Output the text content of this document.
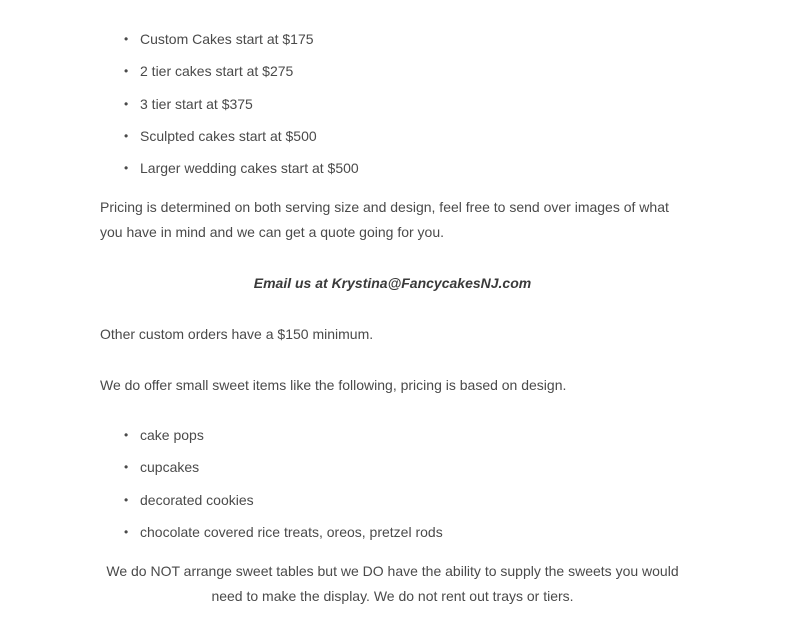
• Custom Cakes start at $175
• 2 tier cakes start at $275
• 3 tier start at $375
• Sculpted cakes start at $500
• Larger wedding cakes start at $500

Pricing is determined on both serving size and design, feel free to send over images of what you have in mind and we can get a quote going for you.

Email us at Krystina@FancycakesNJ.com

Other custom orders have a $150 minimum.

We do offer small sweet items like the following, pricing is based on design.

• cake pops
• cupcakes
• decorated cookies
• chocolate covered rice treats, oreos, pretzel rods

We do NOT arrange sweet tables but we DO have the ability to supply the sweets you would need to make the display. We do not rent out trays or tiers.
